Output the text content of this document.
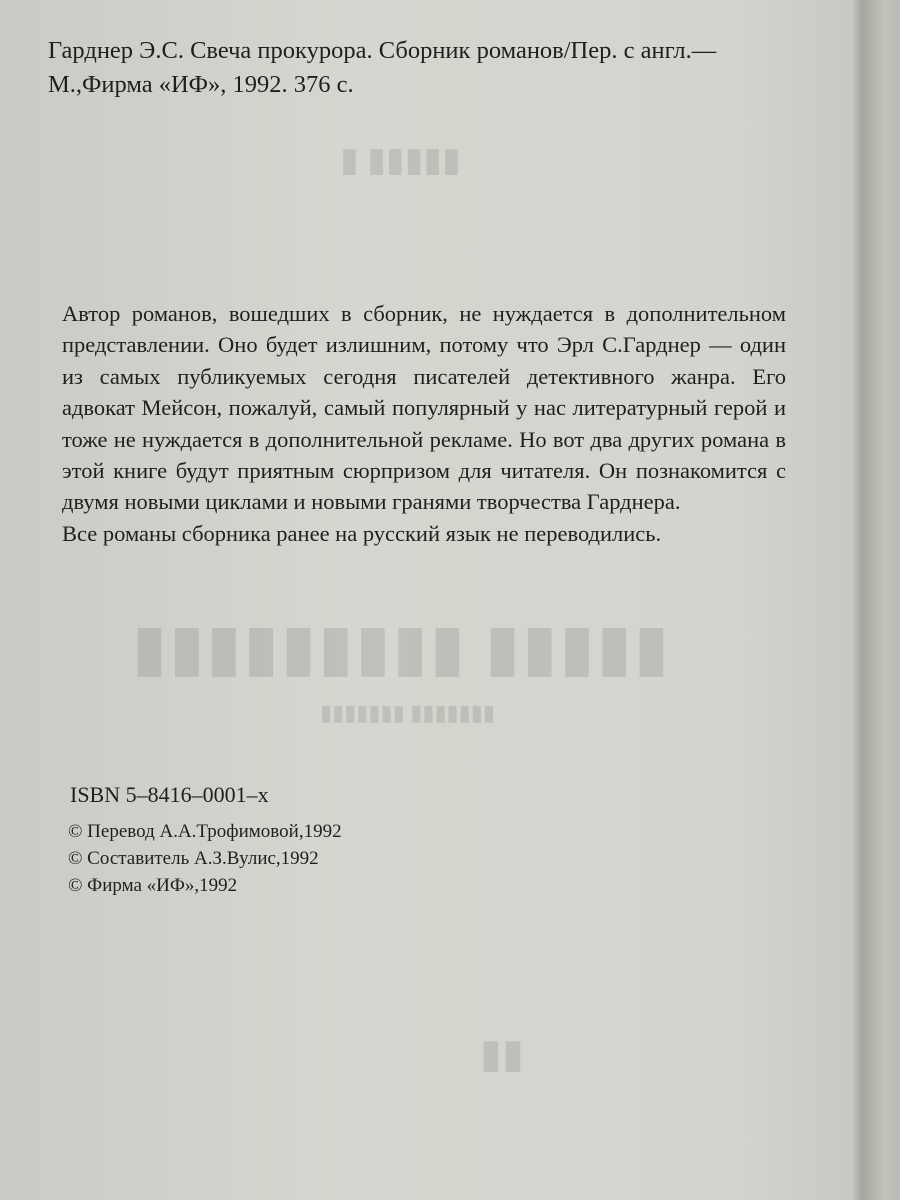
▮▮▮▮▮ ▮
▮▮▮▮▮ ▮▮▮▮▮▮▮▮▮
▮▮▮▮▮▮▮ ▮▮▮▮▮▮▮
▮▮
Гарднер Э.С. Свеча прокурора. Сборник романов/Пер. с англ.—
М.,Фирма «ИФ», 1992. 376 с.

Автор романов, вошедших в сборник, не нуждается в дополнительном представлении. Оно будет излишним, потому что Эрл С.Гарднер — один из самых публикуемых сегодня писателей детективного жанра. Его адвокат Мейсон, пожалуй, самый популярный у нас литературный герой и тоже не нуждается в дополнительной рекламе. Но вот два других романа в этой книге будут приятным сюрпризом для читателя. Он познакомится с двумя новыми циклами и новыми гранями творчества Гарднера.

Все романы сборника ранее на русский язык не переводились.

ISBN 5–8416–0001–x
© Перевод А.А.Трофимовой,1992
© Составитель А.З.Вулис,1992
© Фирма «ИФ»,1992
